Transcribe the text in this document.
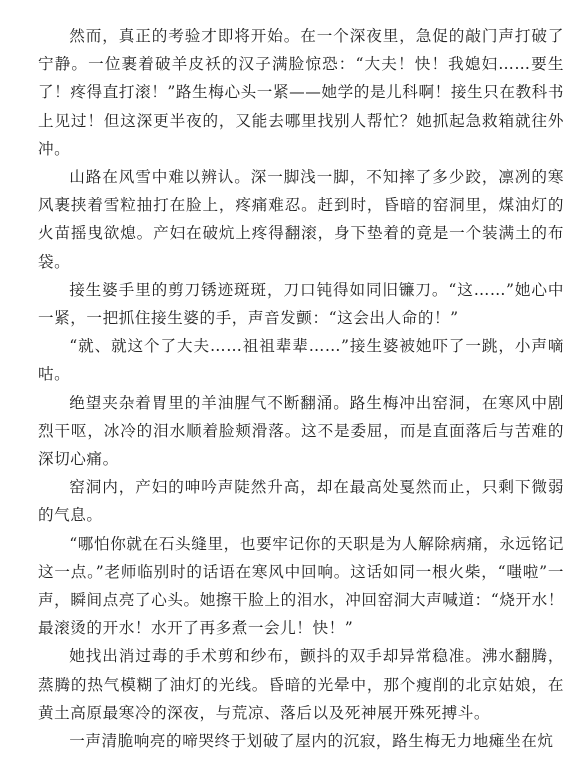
然而，真正的考验才即将开始。在一个深夜里，急促的敲门声打破了宁静。一位裹着破羊皮袄的汉子满脸惊恐：“大夫！快！我媳妇……要生了！疼得直打滚！”路生梅心头一紧——她学的是儿科啊！接生只在教科书上见过！但这深更半夜的，又能去哪里找别人帮忙？她抓起急救箱就往外冲。

山路在风雪中难以辨认。深一脚浅一脚，不知摔了多少跤，凛冽的寒风裹挟着雪粒抽打在脸上，疼痛难忍。赶到时，昏暗的窑洞里，煤油灯的火苗摇曳欲熄。产妇在破炕上疼得翻滚，身下垫着的竟是一个装满土的布袋。

接生婆手里的剪刀锈迹斑斑，刀口钝得如同旧镰刀。“这……”她心中一紧，一把抓住接生婆的手，声音发颤：“这会出人命的！”

“就、就这个了大夫……祖祖辈辈……”接生婆被她吓了一跳，小声嘀咕。

绝望夹杂着胃里的羊油腥气不断翻涌。路生梅冲出窑洞，在寒风中剧烈干呕，冰冷的泪水顺着脸颊滑落。这不是委屈，而是直面落后与苦难的深切心痛。

窑洞内，产妇的呻吟声陡然升高，却在最高处戛然而止，只剩下微弱的气息。

“哪怕你就在石头缝里，也要牢记你的天职是为人解除病痛，永远铭记这一点。”老师临别时的话语在寒风中回响。这话如同一根火柴，“嗤啦”一声，瞬间点亮了心头。她擦干脸上的泪水，冲回窑洞大声喊道：“烧开水！最滚烫的开水！水开了再多煮一会儿！快！”

她找出消过毒的手术剪和纱布，颤抖的双手却异常稳准。沸水翻腾，蒸腾的热气模糊了油灯的光线。昏暗的光晕中，那个瘦削的北京姑娘，在黄土高原最寒冷的深夜，与荒凉、落后以及死神展开殊死搏斗。

一声清脆响亮的啼哭终于划破了屋内的沉寂，路生梅无力地瘫坐在炕
